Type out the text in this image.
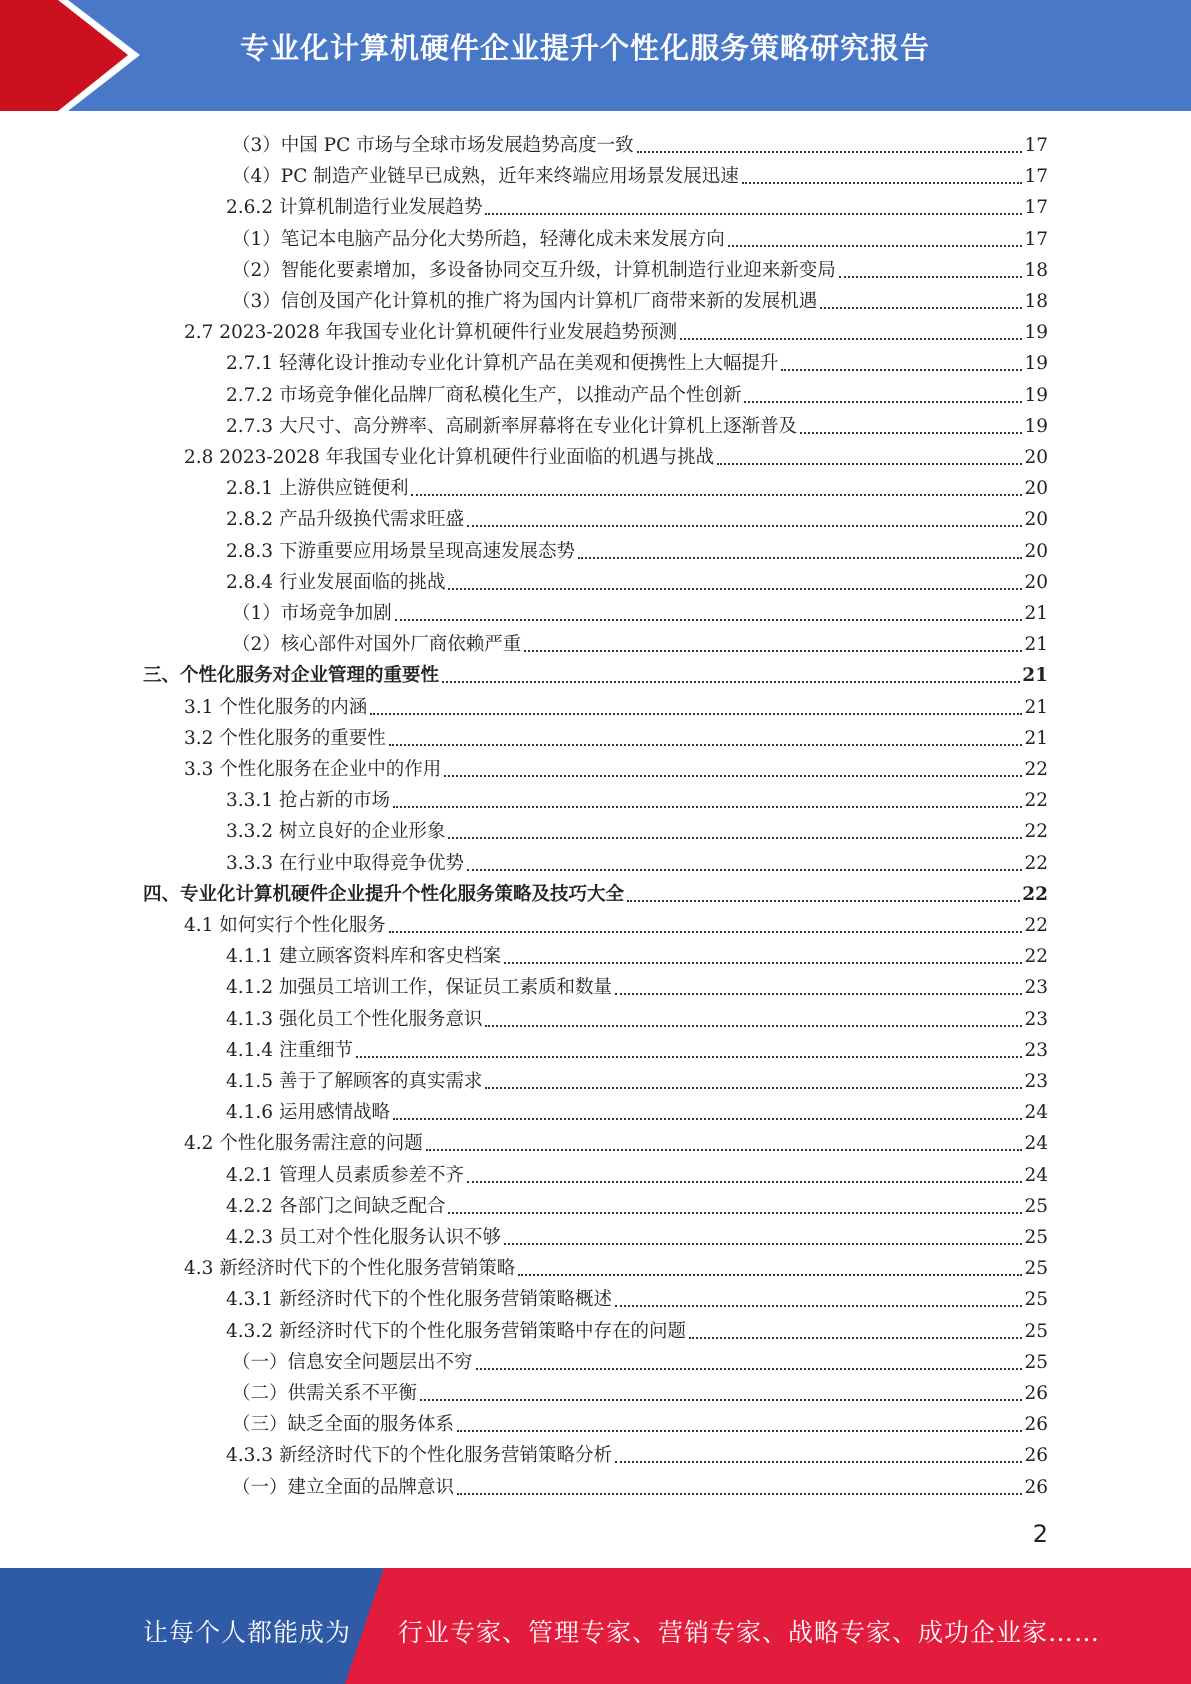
专业化计算机硬件企业提升个性化服务策略研究报告
（3）中国 PC 市场与全球市场发展趋势高度一致	17
（4）PC 制造产业链早已成熟，近年来终端应用场景发展迅速	17
2.6.2 计算机制造行业发展趋势	17
（1）笔记本电脑产品分化大势所趋，轻薄化成未来发展方向	17
（2）智能化要素增加，多设备协同交互升级，计算机制造行业迎来新变局	18
（3）信创及国产化计算机的推广将为国内计算机厂商带来新的发展机遇	18
2.7 2023-2028 年我国专业化计算机硬件行业发展趋势预测	19
2.7.1 轻薄化设计推动专业化计算机产品在美观和便携性上大幅提升	19
2.7.2 市场竞争催化品牌厂商私模化生产，以推动产品个性创新	19
2.7.3 大尺寸、高分辨率、高刷新率屏幕将在专业化计算机上逐渐普及	19
2.8 2023-2028 年我国专业化计算机硬件行业面临的机遇与挑战	20
2.8.1 上游供应链便利	20
2.8.2 产品升级换代需求旺盛	20
2.8.3 下游重要应用场景呈现高速发展态势	20
2.8.4 行业发展面临的挑战	20
（1）市场竞争加剧	21
（2）核心部件对国外厂商依赖严重	21
三、个性化服务对企业管理的重要性	21
3.1 个性化服务的内涵	21
3.2 个性化服务的重要性	21
3.3 个性化服务在企业中的作用	22
3.3.1 抢占新的市场	22
3.3.2 树立良好的企业形象	22
3.3.3 在行业中取得竞争优势	22
四、专业化计算机硬件企业提升个性化服务策略及技巧大全	22
4.1 如何实行个性化服务	22
4.1.1 建立顾客资料库和客史档案	22
4.1.2 加强员工培训工作，保证员工素质和数量	23
4.1.3 强化员工个性化服务意识	23
4.1.4 注重细节	23
4.1.5 善于了解顾客的真实需求	23
4.1.6 运用感情战略	24
4.2 个性化服务需注意的问题	24
4.2.1 管理人员素质参差不齐	24
4.2.2 各部门之间缺乏配合	25
4.2.3 员工对个性化服务认识不够	25
4.3 新经济时代下的个性化服务营销策略	25
4.3.1 新经济时代下的个性化服务营销策略概述	25
4.3.2 新经济时代下的个性化服务营销策略中存在的问题	25
（一）信息安全问题层出不穷	25
（二）供需关系不平衡	26
（三）缺乏全面的服务体系	26
4.3.3 新经济时代下的个性化服务营销策略分析	26
（一）建立全面的品牌意识	26
2
让每个人都能成为 行业专家、管理专家、营销专家、战略专家、成功企业家……
